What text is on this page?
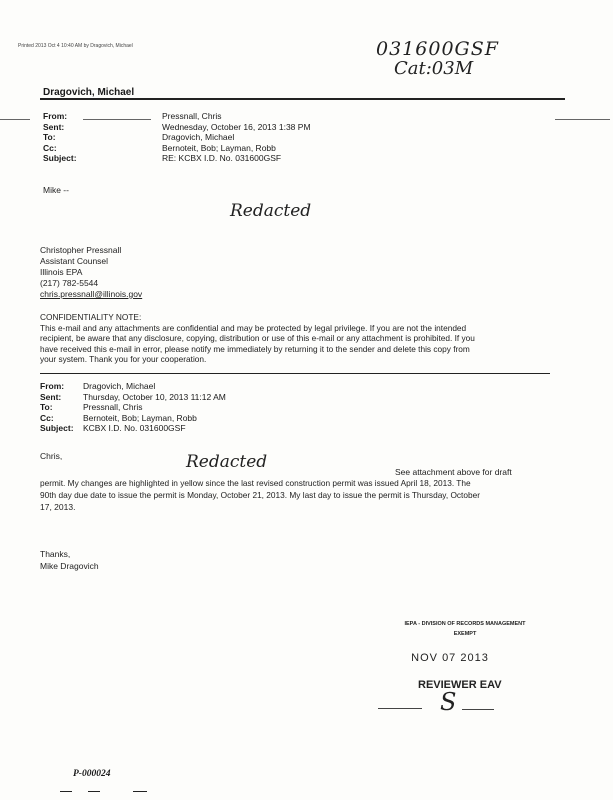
Printed 2013 Oct 4 10:40 AM by Dragovich, Michael	031600GSF
Cat:03M
Dragovich, Michael
From:	Pressnall, Chris
Sent:	Wednesday, October 16, 2013 1:38 PM
To:	Dragovich, Michael
Cc:	Bernoteit, Bob; Layman, Robb
Subject:	RE: KCBX I.D. No. 031600GSF
Mike --
Redacted
Christopher Pressnall
Assistant Counsel
Illinois EPA
(217) 782-5544
chris.pressnall@illinois.gov
CONFIDENTIALITY NOTE:
This e-mail and any attachments are confidential and may be protected by legal privilege. If you are not the intended
recipient, be aware that any disclosure, copying, distribution or use of this e-mail or any attachment is prohibited. If you
have received this e-mail in error, please notify me immediately by returning it to the sender and delete this copy from
your system. Thank you for your cooperation.
From: Dragovich, Michael
Sent:	Thursday, October 10, 2013 11:12 AM
To:	Pressnall, Chris
Cc:	Bernoteit, Bob; Layman, Robb
Subject: KCBX I.D. No. 031600GSF
Chris,	Redacted	See attachment above for draft
permit. My changes are highlighted in yellow since the last revised construction permit was issued April 18, 2013. The
90th day due date to issue the permit is Monday, October 21, 2013. My last day to issue the permit is Thursday, October
17, 2013.
Thanks,
Mike Dragovich
IEPA - DIVISION OF RECORDS MANAGEMENT
EXEMPT
NOV 07 2013
REVIEWER EAV
S
P-000024
